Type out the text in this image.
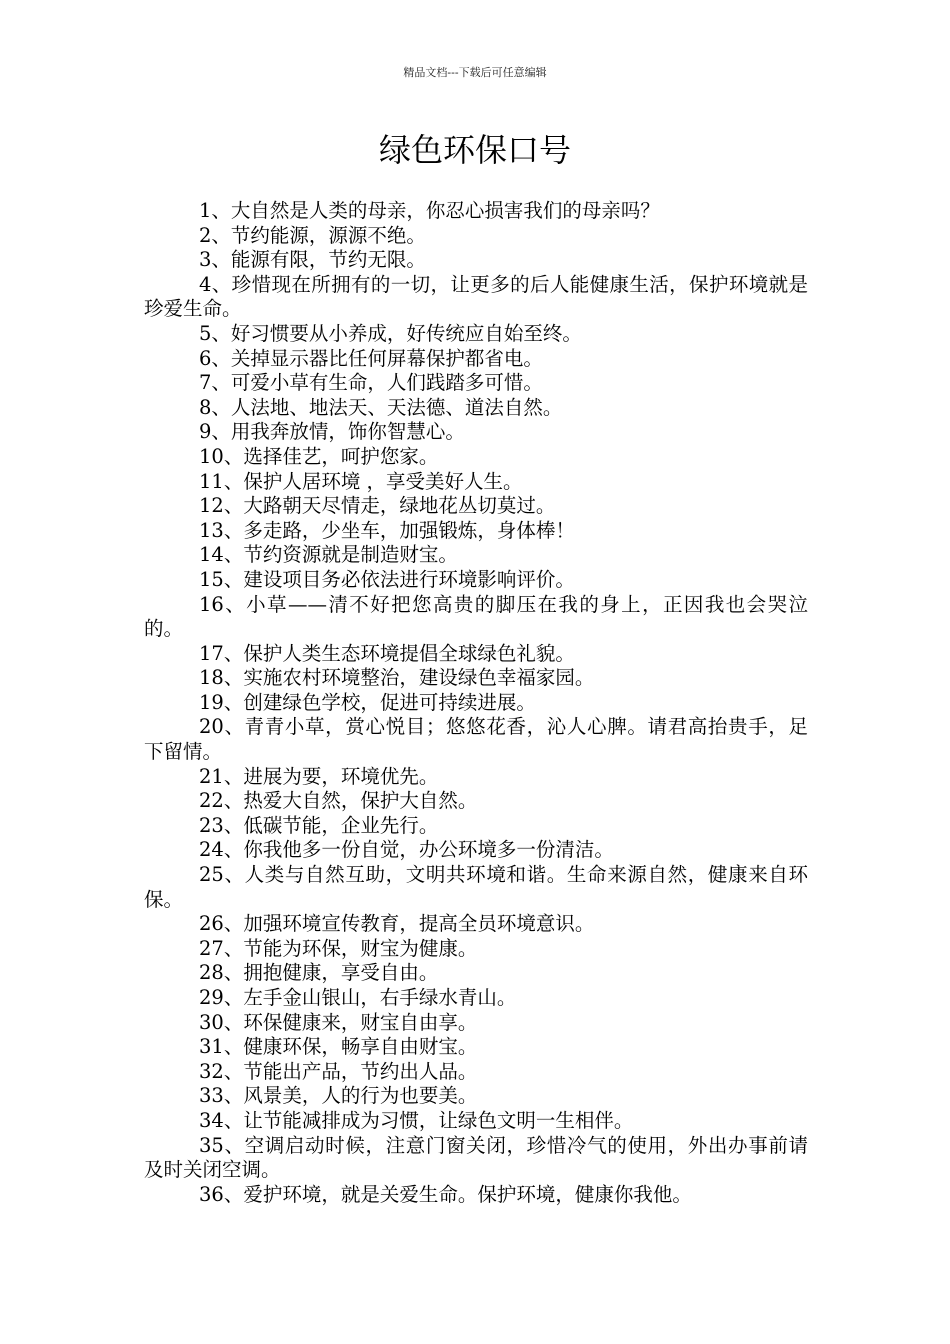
精品文档---下载后可任意编辑
绿色环保口号
1、大自然是人类的母亲，你忍心损害我们的母亲吗？
2、节约能源，源源不绝。
3、能源有限，节约无限。
4、珍惜现在所拥有的一切，让更多的后人能健康生活，保护环境就是珍爱生命。
5、好习惯要从小养成，好传统应自始至终。
6、关掉显示器比任何屏幕保护都省电。
7、可爱小草有生命，人们践踏多可惜。
8、人法地、地法天、天法德、道法自然。
9、用我奔放情，饰你智慧心。
10、选择佳艺，呵护您家。
11、保护人居环境 ，享受美好人生。
12、大路朝天尽情走，绿地花丛切莫过。
13、多走路，少坐车，加强锻炼，身体棒！
14、节约资源就是制造财宝。
15、建设项目务必依法进行环境影响评价。
16、小草——清不好把您高贵的脚压在我的身上，正因我也会哭泣的。
17、保护人类生态环境提倡全球绿色礼貌。
18、实施农村环境整治，建设绿色幸福家园。
19、创建绿色学校，促进可持续进展。
20、青青小草，赏心悦目；悠悠花香，沁人心脾。请君高抬贵手，足下留情。
21、进展为要，环境优先。
22、热爱大自然，保护大自然。
23、低碳节能，企业先行。
24、你我他多一份自觉，办公环境多一份清洁。
25、人类与自然互助，文明共环境和谐。生命来源自然，健康来自环保。
26、加强环境宣传教育，提高全员环境意识。
27、节能为环保，财宝为健康。
28、拥抱健康，享受自由。
29、左手金山银山，右手绿水青山。
30、环保健康来，财宝自由享。
31、健康环保，畅享自由财宝。
32、节能出产品，节约出人品。
33、风景美，人的行为也要美。
34、让节能减排成为习惯，让绿色文明一生相伴。
35、空调启动时候，注意门窗关闭，珍惜冷气的使用，外出办事前请及时关闭空调。
36、爱护环境，就是关爱生命。保护环境，健康你我他。
